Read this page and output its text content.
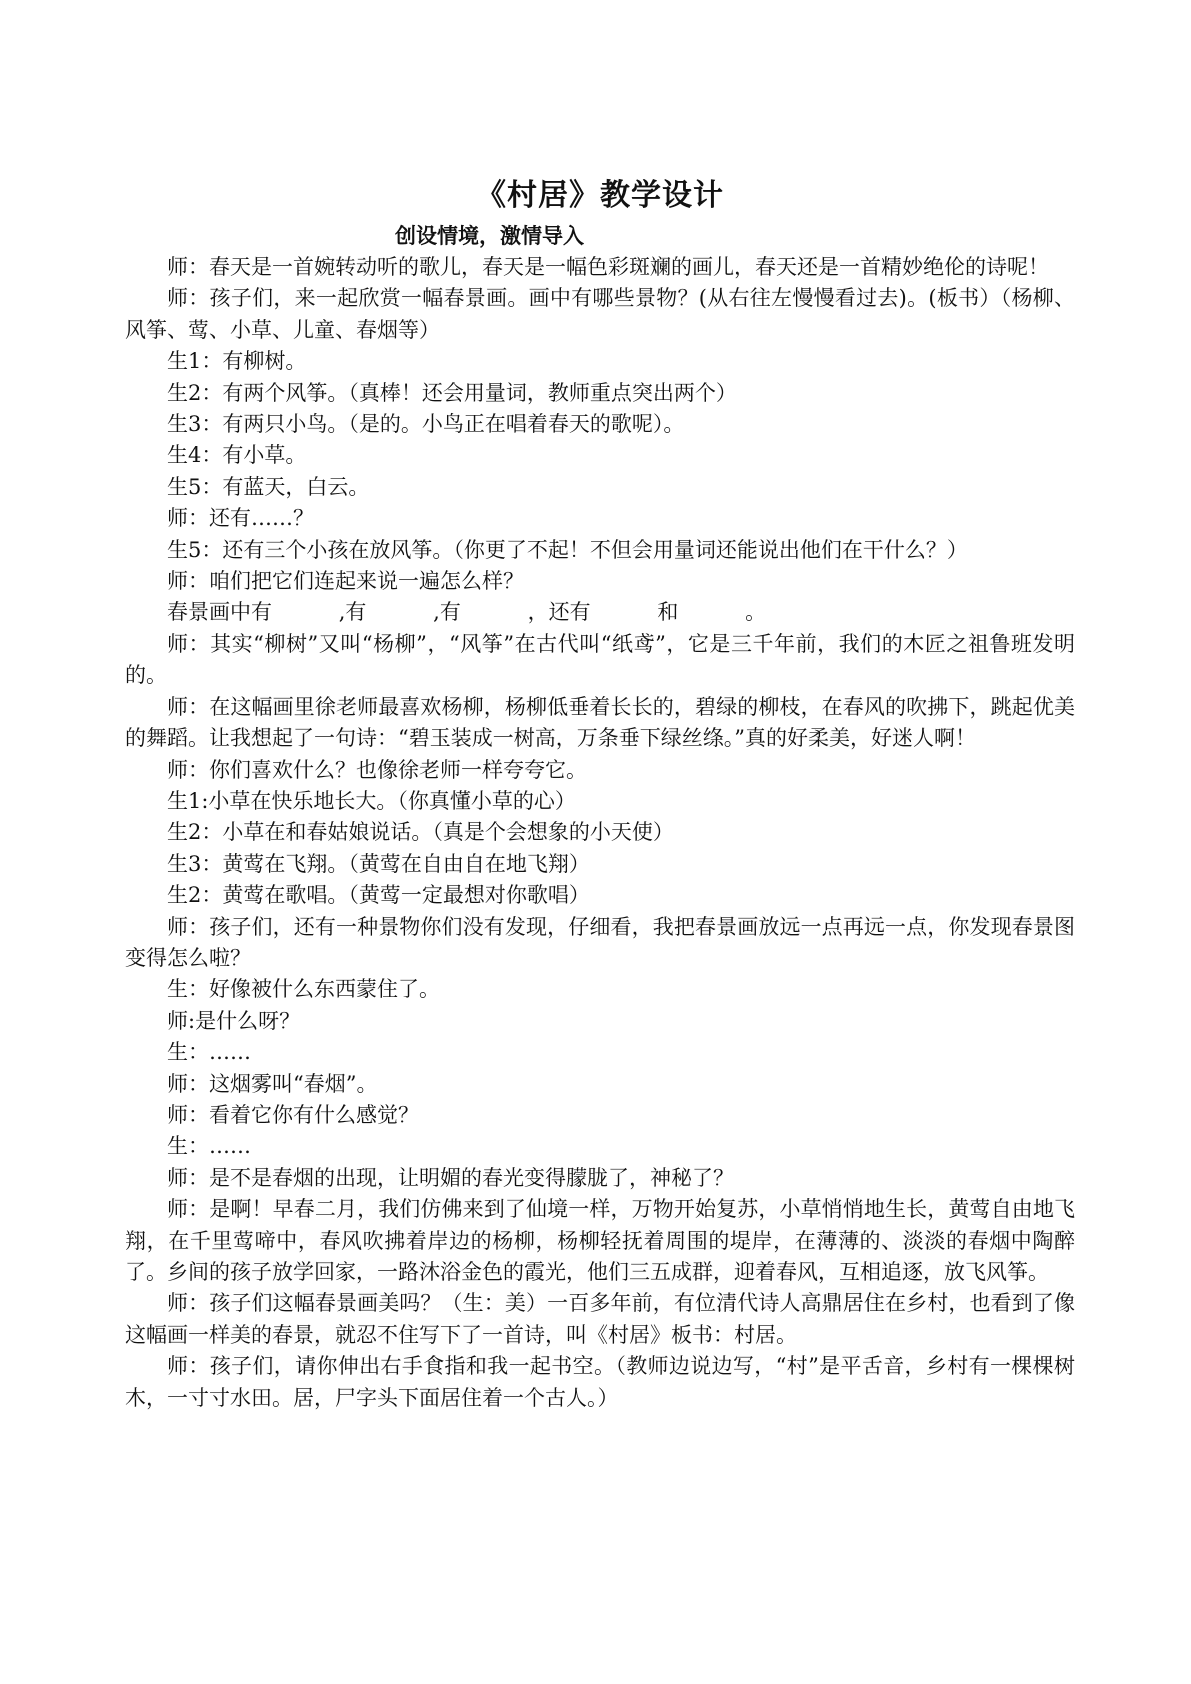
《村居》教学设计
创设情境，激情导入

师：春天是一首婉转动听的歌儿，春天是一幅色彩斑斓的画儿，春天还是一首精妙绝伦的诗呢！

师：孩子们，来一起欣赏一幅春景画。画中有哪些景物？(从右往左慢慢看过去)。(板书）（杨柳、风筝、莺、小草、儿童、春烟等）

生1：有柳树。

生2：有两个风筝。（真棒！还会用量词，教师重点突出两个）

生3：有两只小鸟。（是的。小鸟正在唱着春天的歌呢）。

生4：有小草。

生5：有蓝天，白云。

师：还有……？

生5：还有三个小孩在放风筝。（你更了不起！不但会用量词还能说出他们在干什么？）

师：咱们把它们连起来说一遍怎么样？

春景画中有          ,有          ,有          ，还有          和          。

师：其实“柳树”又叫“杨柳”，“风筝”在古代叫“纸鸢”，它是三千年前，我们的木匠之祖鲁班发明的。

师：在这幅画里徐老师最喜欢杨柳，杨柳低垂着长长的，碧绿的柳枝，在春风的吹拂下，跳起优美的舞蹈。让我想起了一句诗：“碧玉装成一树高，万条垂下绿丝绦。”真的好柔美，好迷人啊！

师：你们喜欢什么？也像徐老师一样夸夸它。

生1:小草在快乐地长大。（你真懂小草的心）

生2：小草在和春姑娘说话。（真是个会想象的小天使）

生3：黄莺在飞翔。（黄莺在自由自在地飞翔）

生2：黄莺在歌唱。（黄莺一定最想对你歌唱）

师：孩子们，还有一种景物你们没有发现，仔细看，我把春景画放远一点再远一点，你发现春景图变得怎么啦？

生：好像被什么东西蒙住了。

师:是什么呀？

生：……

师：这烟雾叫“春烟”。

师：看着它你有什么感觉？

生：……

师：是不是春烟的出现，让明媚的春光变得朦胧了，神秘了？

师：是啊！早春二月，我们仿佛来到了仙境一样，万物开始复苏，小草悄悄地生长，黄莺自由地飞翔，在千里莺啼中，春风吹拂着岸边的杨柳，杨柳轻抚着周围的堤岸，在薄薄的、淡淡的春烟中陶醉了。乡间的孩子放学回家，一路沐浴金色的霞光，他们三五成群，迎着春风，互相追逐，放飞风筝。

师：孩子们这幅春景画美吗？（生：美）一百多年前，有位清代诗人高鼎居住在乡村，也看到了像这幅画一样美的春景，就忍不住写下了一首诗，叫《村居》板书：村居。

师：孩子们，请你伸出右手食指和我一起书空。（教师边说边写，“村”是平舌音，乡村有一棵棵树木，一寸寸水田。居，尸字头下面居住着一个古人。）
